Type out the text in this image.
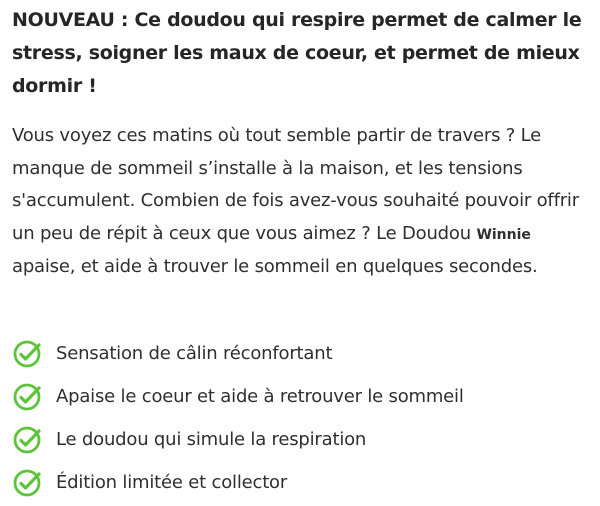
NOUVEAU : Ce doudou qui respire permet de calmer le stress, soigner les maux de coeur, et permet de mieux dormir !

Vous voyez ces matins où tout semble partir de travers ? Le manque de sommeil s’installe à la maison, et les tensions s'accumulent. Combien de fois avez-vous souhaité pouvoir offrir un peu de répit à ceux que vous aimez ? Le Doudou Winnie apaise, et aide à trouver le sommeil en quelques secondes.

Sensation de câlin réconfortant
Apaise le coeur et aide à retrouver le sommeil
Le doudou qui simule la respiration
Édition limitée et collector
